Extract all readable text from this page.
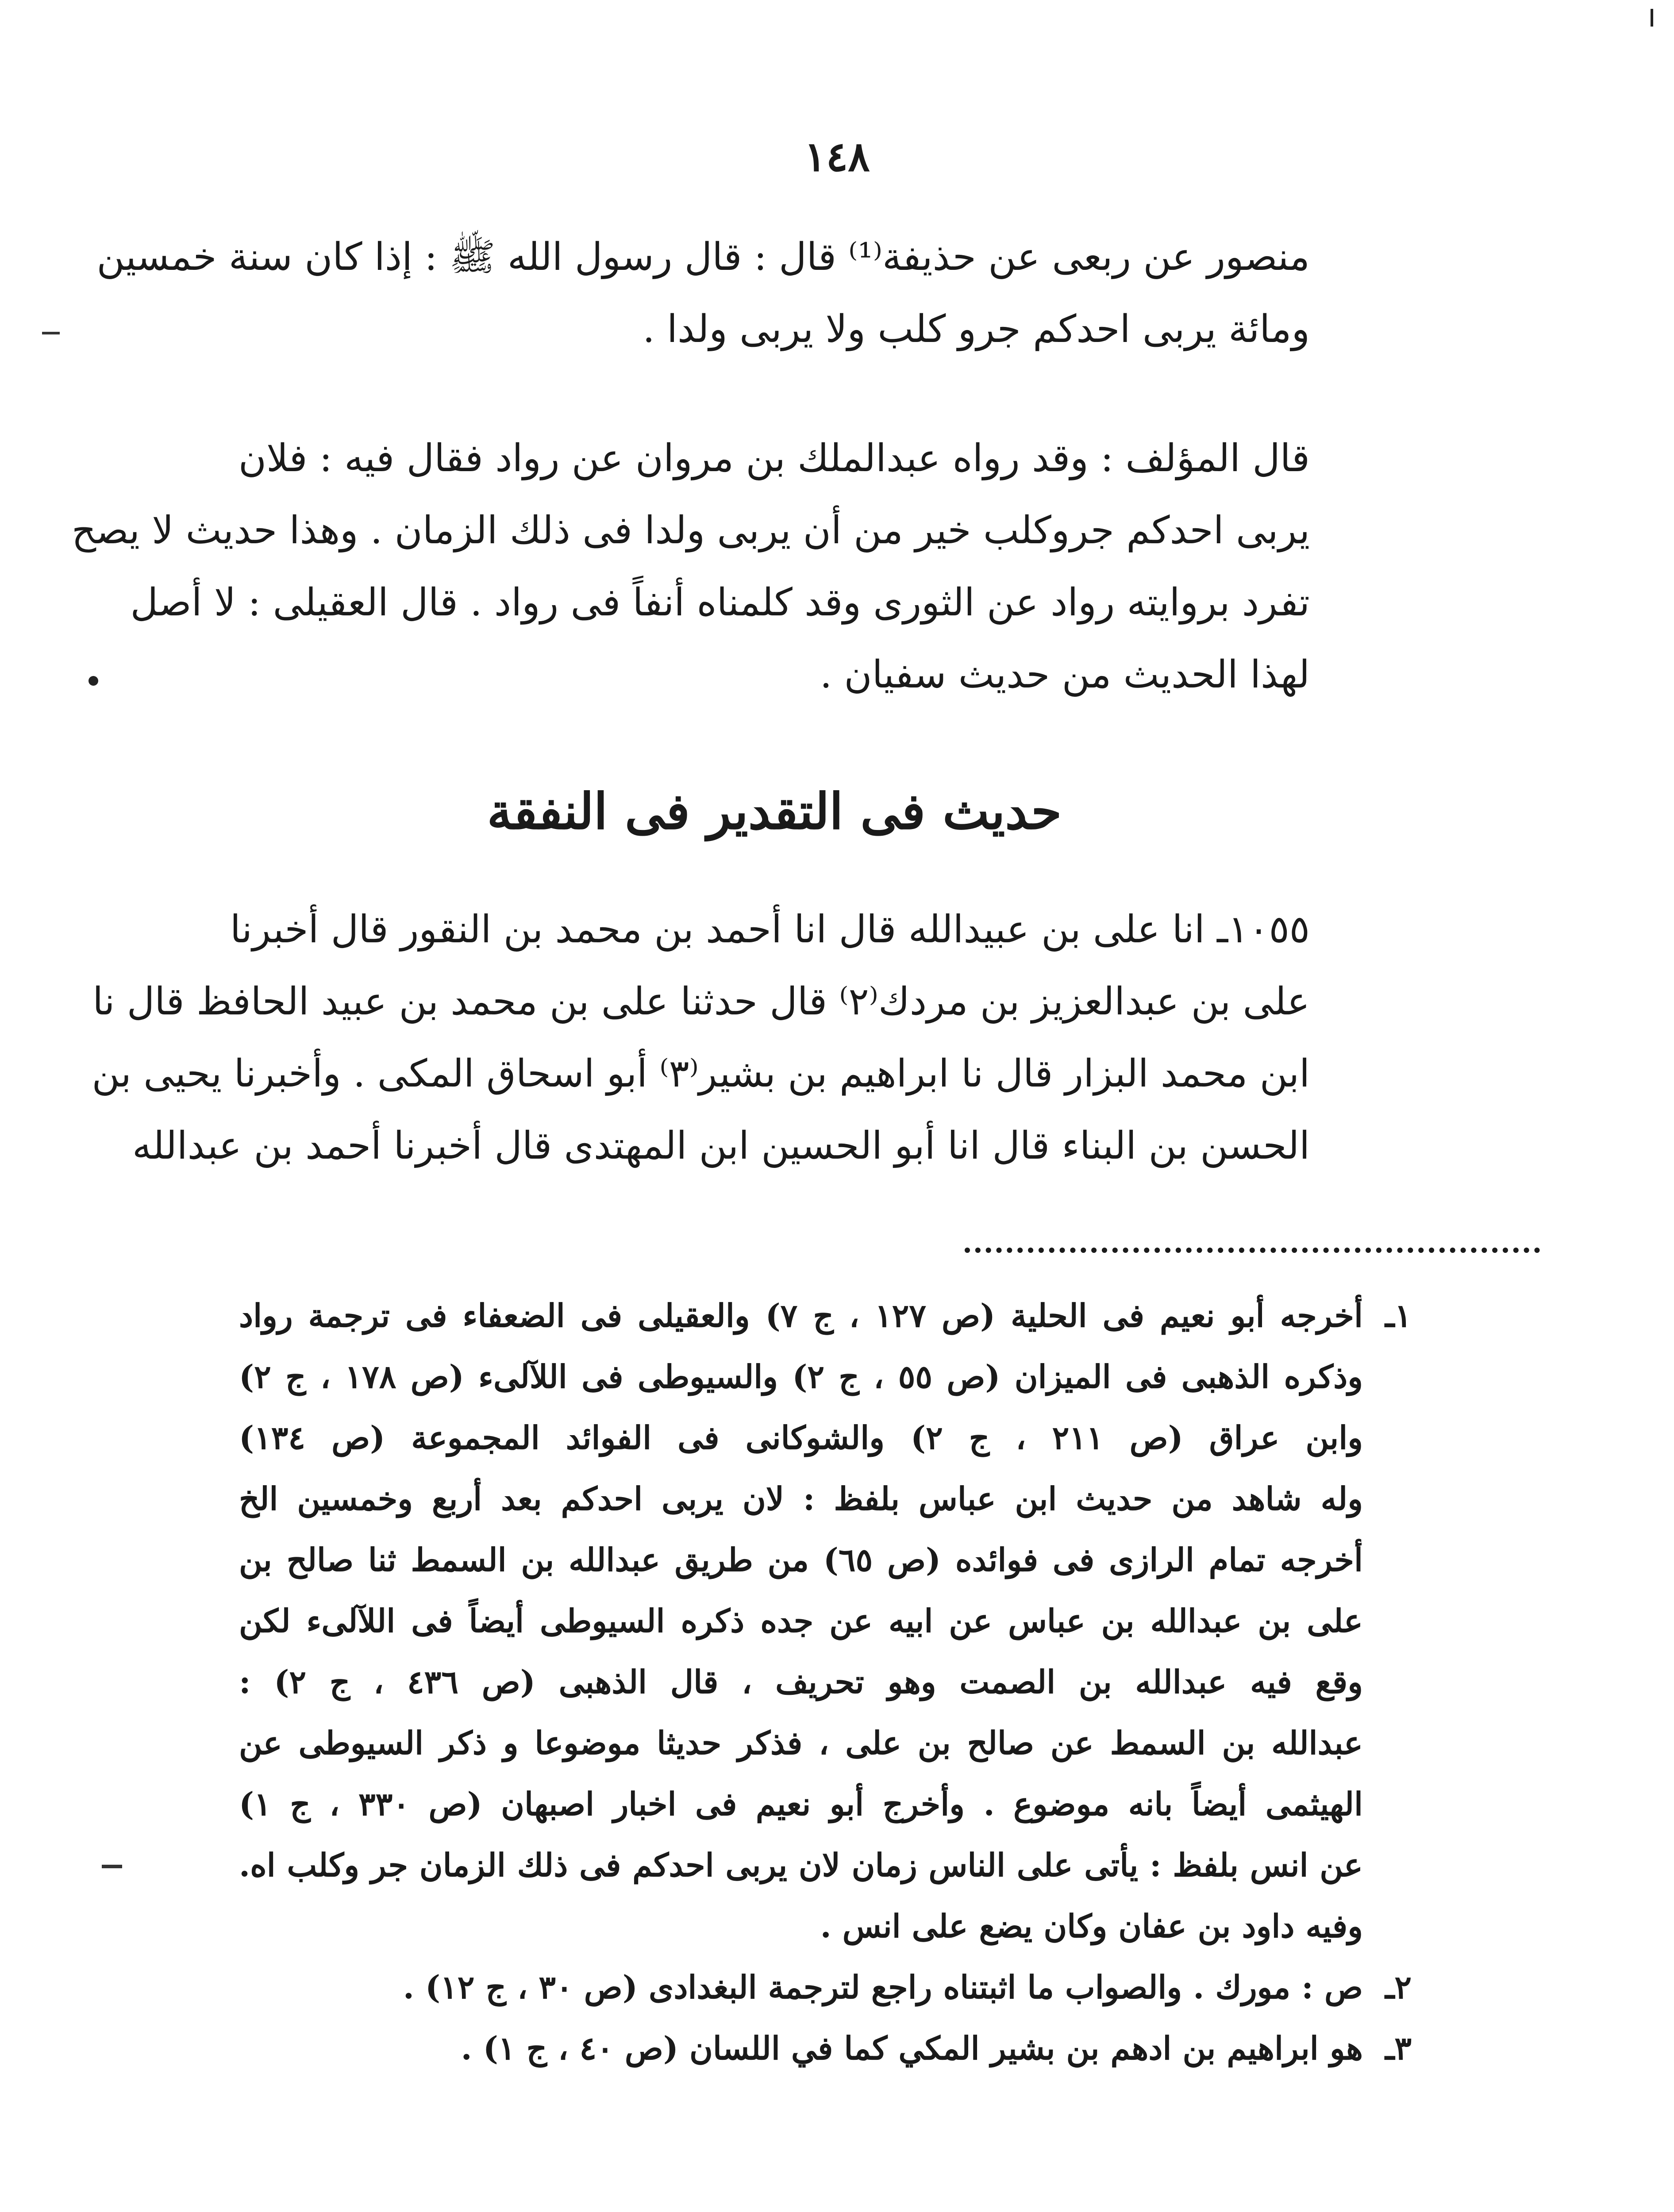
١٤٨
منصور عن ربعى عن حذيفة⁽¹⁾ قال : قال رسول الله ﷺ : إذا كان سنة خمسين
ومائة يربى احدكم جرو كلب ولا يربى ولدا .
قال المؤلف : وقد رواه عبدالملك بن مروان عن رواد فقال فيه : فلان
يربى احدكم جروكلب خير من أن يربى ولدا فى ذلك الزمان . وهذا حديث لا يصح
تفرد بروايته رواد عن الثورى وقد كلمناه أنفاً فى رواد . قال العقيلى : لا أصل
لهذا الحديث من حديث سفيان .
حديث فى التقدير فى النفقة
١٠٥٥ـ انا على بن عبيدالله قال انا أحمد بن محمد بن النقور قال أخبرنا
على بن عبدالعزيز بن مردك⁽٢⁾ قال حدثنا على بن محمد بن عبيد الحافظ قال نا
ابن محمد البزار قال نا ابراهيم بن بشير⁽٣⁾ أبو اسحاق المكى . وأخبرنا يحيى بن
الحسن بن البناء قال انا أبو الحسين ابن المهتدى قال أخبرنا أحمد بن عبدالله
١ـ
أخرجه أبو نعيم فى الحلية (ص ١٢٧ ، ج ٧) والعقيلى فى الضعفاء فى ترجمة رواد
وذكره الذهبى فى الميزان (ص ٥٥ ، ج ٢) والسيوطى فى اللآلىء (ص ١٧٨ ، ج ٢)
وابن عراق (ص ٢١١ ، ج ٢) والشوكانى فى الفوائد المجموعة (ص ١٣٤)
وله شاهد من حديث ابن عباس بلفظ : لان يربى احدكم بعد أربع وخمسين الخ
أخرجه تمام الرازى فى فوائده (ص ٦٥) من طريق عبدالله بن السمط ثنا صالح بن
على بن عبدالله بن عباس عن ابيه عن جده ذكره السيوطى أيضاً فى اللآلىء لكن
وقع فيه عبدالله بن الصمت وهو تحريف ، قال الذهبى (ص ٤٣٦ ، ج ٢) :
عبدالله بن السمط عن صالح بن على ، فذكر حديثا موضوعا و ذكر السيوطى عن
الهيثمى أيضاً بانه موضوع . وأخرج أبو نعيم فى اخبار اصبهان (ص ٣٣٠ ، ج ١)
عن انس بلفظ : يأتى على الناس زمان لان يربى احدكم فى ذلك الزمان جر وكلب اه.
وفيه داود بن عفان وكان يضع على انس .
٢ـ
ص : مورك . والصواب ما اثبتناه راجع لترجمة البغدادى (ص ٣٠ ، ج ١٢) .
٣ـ
هو ابراهيم بن ادهم بن بشير المكي كما في اللسان (ص ٤٠ ، ج ١) .
